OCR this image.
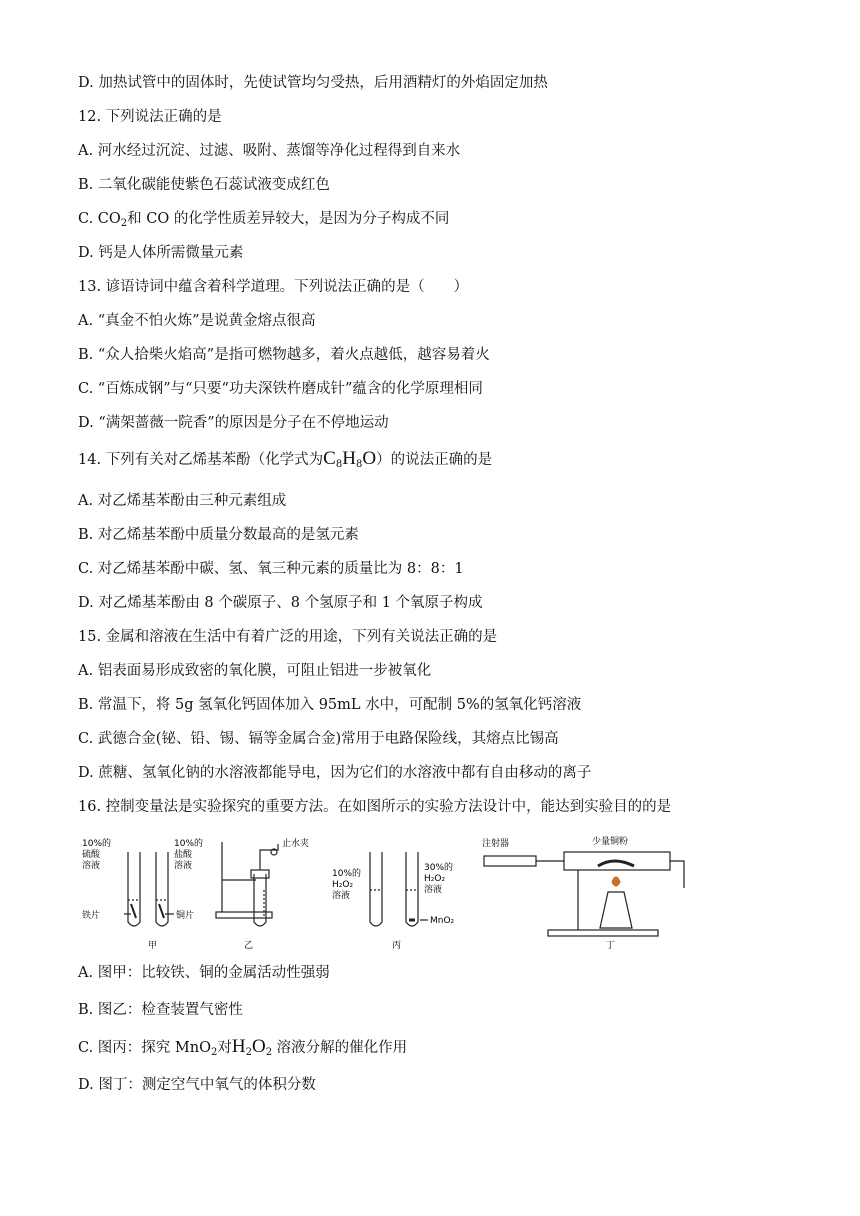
D. 加热试管中的固体时，先使试管均匀受热，后用酒精灯的外焰固定加热
12. 下列说法正确的是
A. 河水经过沉淀、过滤、吸附、蒸馏等净化过程得到自来水
B. 二氧化碳能使紫色石蕊试液变成红色
C. $CO_2$和 CO 的化学性质差异较大，是因为分子构成不同
D. 钙是人体所需微量元素
13. 谚语诗词中蕴含着科学道理。下列说法正确的是（　　）
A. “真金不怕火炼”是说黄金熔点很高
B. “众人拾柴火焰高”是指可燃物越多，着火点越低，越容易着火
C. “百炼成钢”与“只要“功夫深铁杵磨成针”蕴含的化学原理相同
D. “满架蔷薇一院香”的原因是分子在不停地运动
14. 下列有关对乙烯基苯酚（化学式为$C_8H_8O$）的说法正确的是
A. 对乙烯基苯酚由三种元素组成
B. 对乙烯基苯酚中质量分数最高的是氢元素
C. 对乙烯基苯酚中碳、氢、氧三种元素的质量比为 8：8：1
D. 对乙烯基苯酚由 8 个碳原子、8 个氢原子和 1 个氧原子构成
15. 金属和溶液在生活中有着广泛的用途，下列有关说法正确的是
A. 铝表面易形成致密的氧化膜，可阻止铝进一步被氧化
B. 常温下，将 5g 氢氧化钙固体加入 95mL 水中，可配制 5%的氢氧化钙溶液
C. 武德合金(铋、铅、锡、镉等金属合金)常用于电路保险线，其熔点比锡高
D. 蔗糖、氢氧化钠的水溶液都能导电，因为它们的水溶液中都有自由移动的离子
16. 控制变量法是实验探究的重要方法。在如图所示的实验方法设计中，能达到实验目的的是
10%的
硫酸
溶液
10%的
盐酸
溶液
铁片	铜片
止水夹
10%的
H₂O₂
溶液
30%的
H₂O₂
溶液
MnO₂
注射器	少量铜粉
甲	乙	丙	丁
A. 图甲：比较铁、铜的金属活动性强弱
B. 图乙：检查装置气密性
C. 图丙：探究 MnO$_2$对$H_2O_2$ 溶液分解的催化作用
D. 图丁：测定空气中氧气的体积分数
